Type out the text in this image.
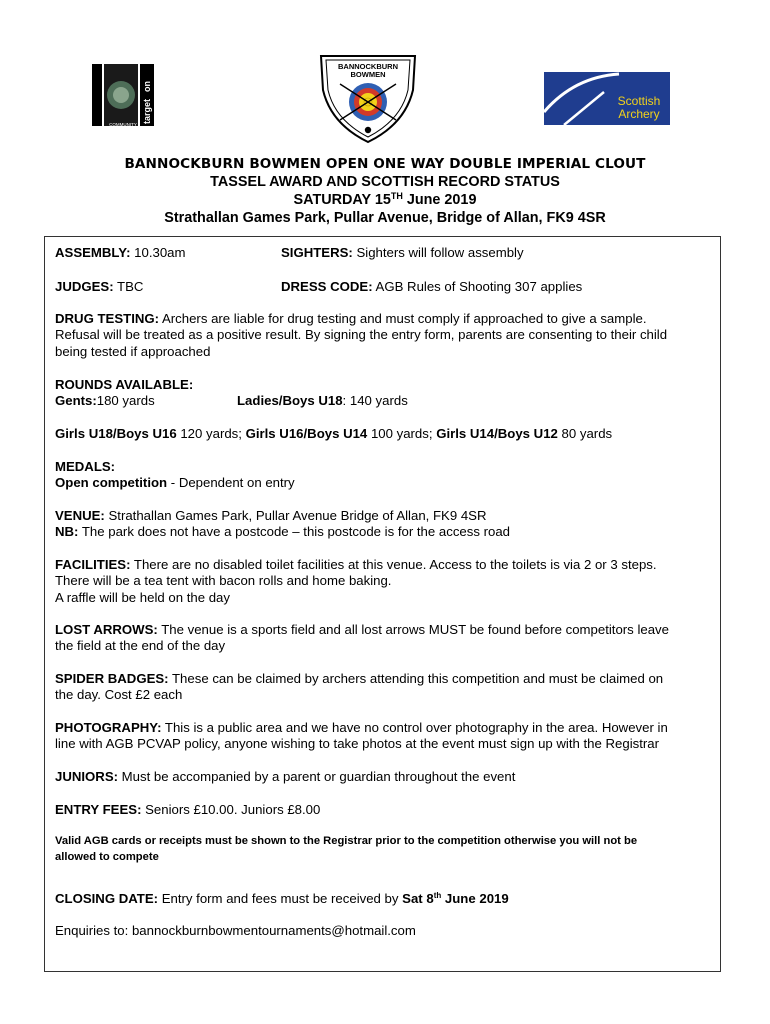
target
on
COMMUNITY
BANNOCKBURN
BOWMEN
Scottish
Archery
BANNOCKBURN BOWMEN OPEN ONE WAY DOUBLE IMPERIAL CLOUT
TASSEL AWARD AND SCOTTISH RECORD STATUS
SATURDAY 15TH June 2019
Strathallan Games Park, Pullar Avenue, Bridge of Allan, FK9 4SR
ASSEMBLY: 10.30am	SIGHTERS: Sighters will follow assembly
JUDGES: TBC	DRESS CODE: AGB Rules of Shooting 307 applies
DRUG TESTING: Archers are liable for drug testing and must comply if approached to give a sample.
Refusal will be treated as a positive result. By signing the entry form, parents are consenting to their child
being tested if approached
ROUNDS AVAILABLE:
Gents:180 yards	Ladies/Boys U18: 140 yards
Girls U18/Boys U16 120 yards; Girls U16/Boys U14 100 yards; Girls U14/Boys U12 80 yards
MEDALS:
Open competition - Dependent on entry
VENUE: Strathallan Games Park, Pullar Avenue Bridge of Allan, FK9 4SR
NB: The park does not have a postcode – this postcode is for the access road
FACILITIES: There are no disabled toilet facilities at this venue. Access to the toilets is via 2 or 3 steps.
There will be a tea tent with bacon rolls and home baking.
A raffle will be held on the day
LOST ARROWS: The venue is a sports field and all lost arrows MUST be found before competitors leave
the field at the end of the day
SPIDER BADGES: These can be claimed by archers attending this competition and must be claimed on
the day. Cost £2 each
PHOTOGRAPHY: This is a public area and we have no control over photography in the area. However in
line with AGB PCVAP policy, anyone wishing to take photos at the event must sign up with the Registrar
JUNIORS: Must be accompanied by a parent or guardian throughout the event
ENTRY FEES: Seniors £10.00. Juniors £8.00
Valid AGB cards or receipts must be shown to the Registrar prior to the competition otherwise you will not be
allowed to compete
CLOSING DATE: Entry form and fees must be received by Sat 8th June 2019
Enquiries to: bannockburnbowmentournaments@hotmail.com
